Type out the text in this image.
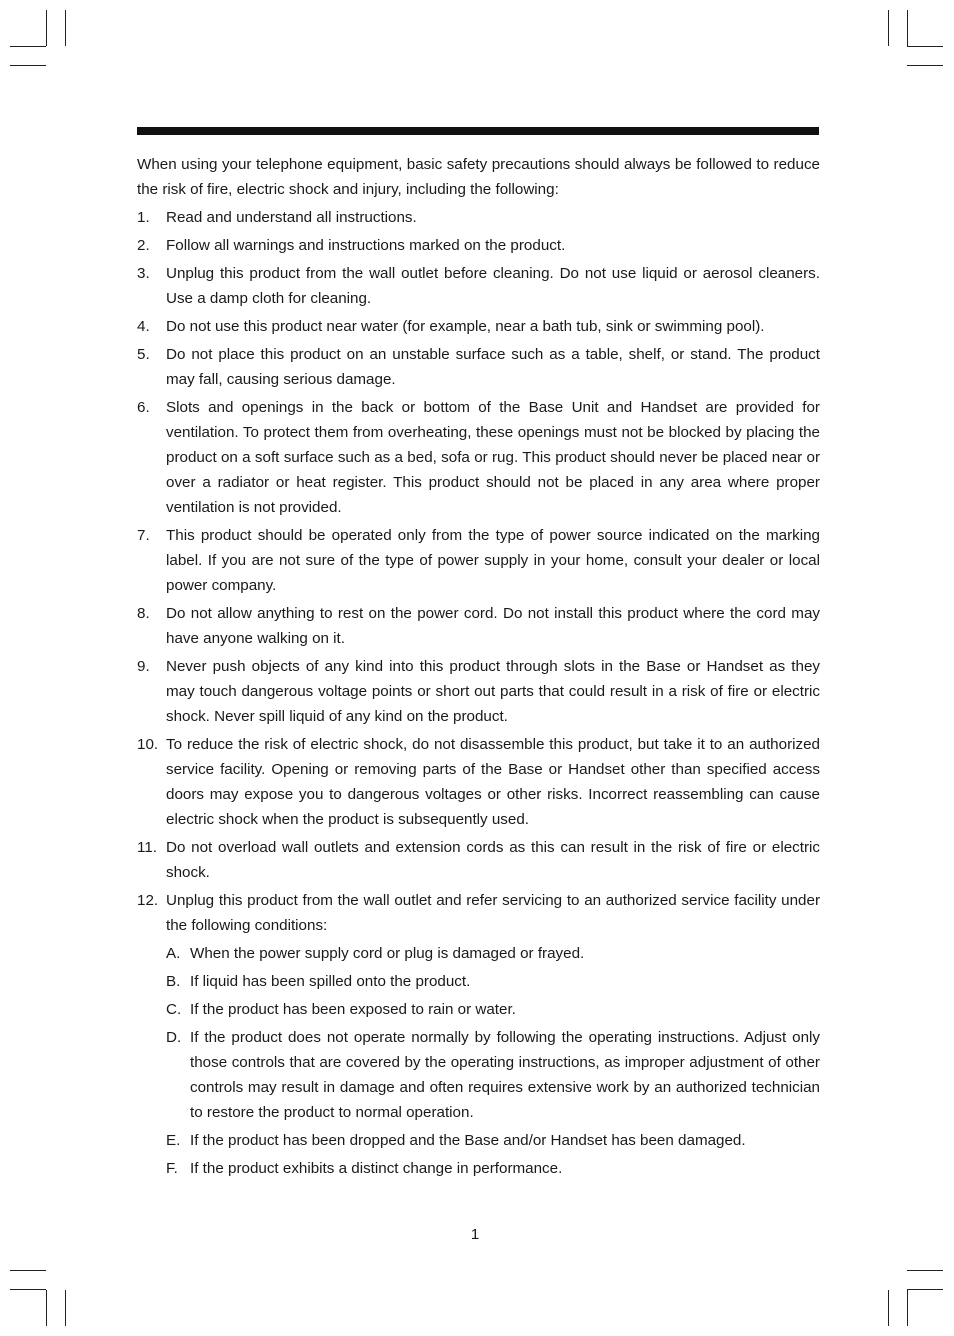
When using your telephone equipment, basic safety precautions should always be followed to reduce the risk of fire, electric shock and injury, including the following:

1.	Read and understand all instructions.
2.	Follow all warnings and instructions marked on the product.
3.	Unplug this product from the wall outlet before cleaning. Do not use liquid or aerosol cleaners. Use a damp cloth for cleaning.
4.	Do not use this product near water (for example, near a bath tub, sink or swimming pool).
5.	Do not place this product on an unstable surface such as a table, shelf, or stand. The product may fall, causing serious damage.
6.	Slots and openings in the back or bottom of the Base Unit and Handset are provided for ventilation. To protect them from overheating, these openings must not be blocked by placing the product on a soft surface such as a bed, sofa or rug. This product should never be placed near or over a radiator or heat register. This product should not be placed in any area where proper ventilation is not provided.
7.	This product should be operated only from the type of power source indicated on the marking label. If you are not sure of the type of power supply in your home, consult your dealer or local power company.
8.	Do not allow anything to rest on the power cord. Do not install this product where the cord may have anyone walking on it.
9.	Never push objects of any kind into this product through slots in the Base or Handset as they may touch dangerous voltage points or short out parts that could result in a risk of fire or electric shock. Never spill liquid of any kind on the product.
10. To reduce the risk of electric shock, do not disassemble this product, but take it to an authorized service facility. Opening or removing parts of the Base or Handset other than specified access doors may expose you to dangerous voltages or other risks. Incorrect reassembling can cause electric shock when the product is subsequently used.
11. Do not overload wall outlets and extension cords as this can result in the risk of fire or electric shock.
12. Unplug this product from the wall outlet and refer servicing to an authorized service facility under the following conditions:
A. When the power supply cord or plug is damaged or frayed.
B. If liquid has been spilled onto the product.
C. If the product has been exposed to rain or water.
D. If the product does not operate normally by following the operating instructions. Adjust only those controls that are covered by the operating instructions, as improper adjustment of other controls may result in damage and often requires extensive work by an authorized technician to restore the product to normal operation.
E. If the product has been dropped and the Base and/or Handset has been damaged.
F. If the product exhibits a distinct change in performance.
1
